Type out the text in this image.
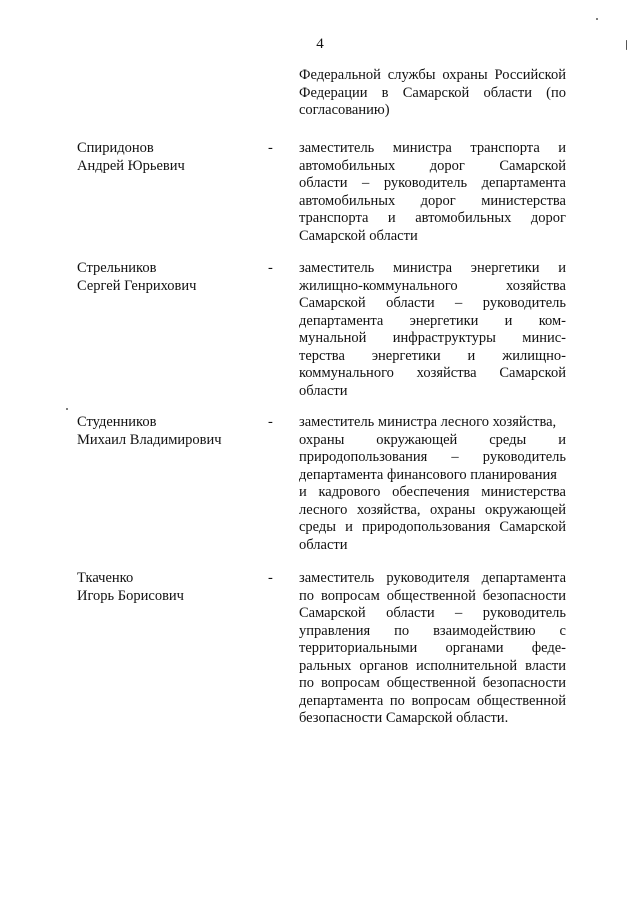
4
Федеральной службы охраны Российской
Федерации в Самарской области (по
согласованию)
Спиридонов
Андрей Юрьевич
- заместитель министра транспорта и
автомобильных дорог Самарской
области – руководитель департамента
автомобильных дорог министерства
транспорта и автомобильных дорог
Самарской области
Стрельников
Сергей Генрихович
- заместитель министра энергетики и
жилищно-коммунального хозяйства
Самарской области – руководитель
департамента энергетики и ком-
мунальной инфраструктуры минис-
терства энергетики и жилищно-
коммунального хозяйства Самарской
области
Студенников
Михаил Владимирович
- заместитель министра лесного хозяйства,
охраны окружающей среды и
природопользования – руководитель
департамента финансового планирования
и кадрового обеспечения министерства
лесного хозяйства, охраны окружающей
среды и природопользования Самарской
области
Ткаченко
Игорь Борисович
- заместитель руководителя департамента
по вопросам общественной безопасности
Самарской области – руководитель
управления по взаимодействию с
территориальными органами феде-
ральных органов исполнительной власти
по вопросам общественной безопасности
департамента по вопросам общественной
безопасности Самарской области.
